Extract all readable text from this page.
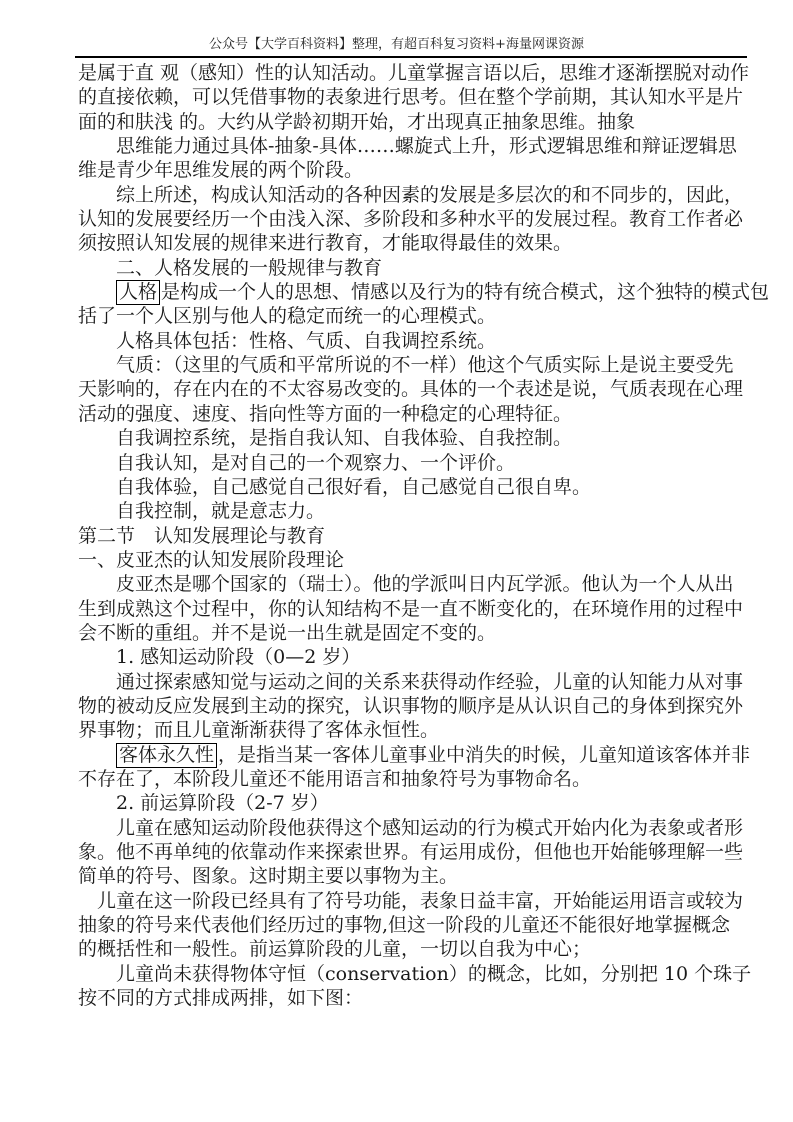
公众号【大学百科资料】整理，有超百科复习资料+海量网课资源
是属于直 观（感知）性的认知活动。儿童掌握言语以后，思维才逐渐摆脱对动作
的直接依赖，可以凭借事物的表象进行思考。但在整个学前期，其认知水平是片
面的和肤浅 的。大约从学龄初期开始，才出现真正抽象思维。抽象
思维能力通过具体-抽象-具体……螺旋式上升，形式逻辑思维和辩证逻辑思
维是青少年思维发展的两个阶段。
综上所述，构成认知活动的各种因素的发展是多层次的和不同步的，因此，
认知的发展要经历一个由浅入深、多阶段和多种水平的发展过程。教育工作者必
须按照认知发展的规律来进行教育，才能取得最佳的效果。
二、人格发展的一般规律与教育
人格 是构成一个人的思想、情感以及行为的特有统合模式，这个独特的模式包
括了一个人区别与他人的稳定而统一的心理模式。
人格具体包括：性格、气质、自我调控系统。
气质：（这里的气质和平常所说的不一样）他这个气质实际上是说主要受先
天影响的，存在内在的不太容易改变的。具体的一个表述是说，气质表现在心理
活动的强度、速度、指向性等方面的一种稳定的心理特征。
自我调控系统，是指自我认知、自我体验、自我控制。
自我认知，是对自己的一个观察力、一个评价。
自我体验，自己感觉自己很好看，自己感觉自己很自卑。
自我控制，就是意志力。
第二节　认知发展理论与教育
一、皮亚杰的认知发展阶段理论
皮亚杰是哪个国家的（瑞士）。他的学派叫日内瓦学派。他认为一个人从出
生到成熟这个过程中，你的认知结构不是一直不断变化的，在环境作用的过程中
会不断的重组。并不是说一出生就是固定不变的。
1. 感知运动阶段（0—2 岁）
通过探索感知觉与运动之间的关系来获得动作经验，儿童的认知能力从对事
物的被动反应发展到主动的探究，认识事物的顺序是从认识自己的身体到探究外
界事物；而且儿童渐渐获得了客体永恒性。
客体永久性 ，是指当某一客体儿童事业中消失的时候，儿童知道该客体并非
不存在了，本阶段儿童还不能用语言和抽象符号为事物命名。
2. 前运算阶段（2-7 岁）
儿童在感知运动阶段他获得这个感知运动的行为模式开始内化为表象或者形
象。他不再单纯的依靠动作来探索世界。有运用成份，但他也开始能够理解一些
简单的符号、图象。这时期主要以事物为主。
儿童在这一阶段已经具有了符号功能，表象日益丰富，开始能运用语言或较为
抽象的符号来代表他们经历过的事物,但这一阶段的儿童还不能很好地掌握概念
的概括性和一般性。前运算阶段的儿童，一切以自我为中心；
儿童尚未获得物体守恒（conservation）的概念，比如，分别把 10 个珠子
按不同的方式排成两排，如下图：
